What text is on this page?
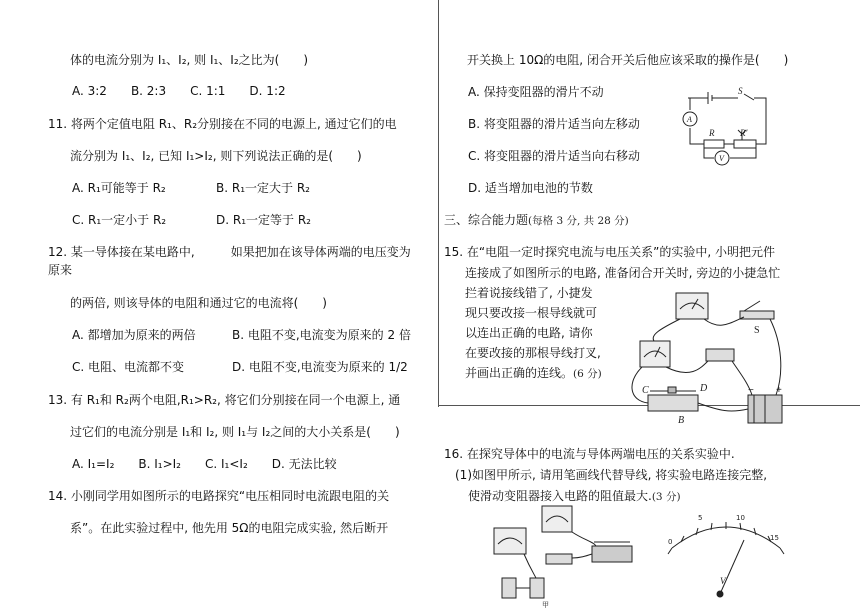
体的电流分别为 I₁、I₂, 则 I₁、I₂之比为(　　)
A. 3:2　　B. 2:3　　C. 1:1　　D. 1:2
11. 将两个定值电阻 R₁、R₂分别接在不同的电源上, 通过它们的电
流分别为 I₁、I₂, 已知 I₁>I₂, 则下列说法正确的是(　　)
A. R₁可能等于 R₂	B. R₁一定大于 R₂
C. R₁一定小于 R₂	D. R₁一定等于 R₂
12. 某一导体接在某电路中,　　　如果把加在该导体两端的电压变为
原来
的两倍, 则该导体的电阻和通过它的电流将(　　)
A. 都增加为原来的两倍	B. 电阻不变,电流变为原来的 2 倍
C. 电阻、电流都不变	D. 电阻不变,电流变为原来的 1/2
13. 有 R₁和 R₂两个电阻,R₁>R₂, 将它们分别接在同一个电源上, 通
过它们的电流分别是 I₁和 I₂, 则 I₁与 I₂之间的大小关系是(　　)
A. I₁=I₂　　B. I₁>I₂　　C. I₁<I₂　　D. 无法比较
14. 小刚同学用如图所示的电路探究“电压相同时电流跟电阻的关
系”。在此实验过程中, 他先用 5Ω的电阻完成实验, 然后断开
开关换上 10Ω的电阻, 闭合开关后他应该采取的操作是(　　)
A. 保持变阻器的滑片不动
B. 将变阻器的滑片适当向左移动
C. 将变阻器的滑片适当向右移动
D. 适当增加电池的节数
三、综合能力题(每格 3 分, 共 28 分)
15. 在“电阻一定时探究电流与电压关系”的实验中, 小明把元件
连接成了如图所示的电路, 准备闭合开关时, 旁边的小捷急忙
拦着说接线错了, 小捷发
现只要改接一根导线就可
以连出正确的电路, 请你
在要改接的那根导线打叉,
并画出正确的连线。(6 分)
16. 在探究导体中的电流与导体两端电压的关系实验中.
(1)如图甲所示, 请用笔画线代替导线, 将实验电路连接完整,
使滑动变阻器接入电路的阻值最大.(3 分)
S
A
R	R'
V
C
B
D
S
− +
甲
0
5	10
15
V
